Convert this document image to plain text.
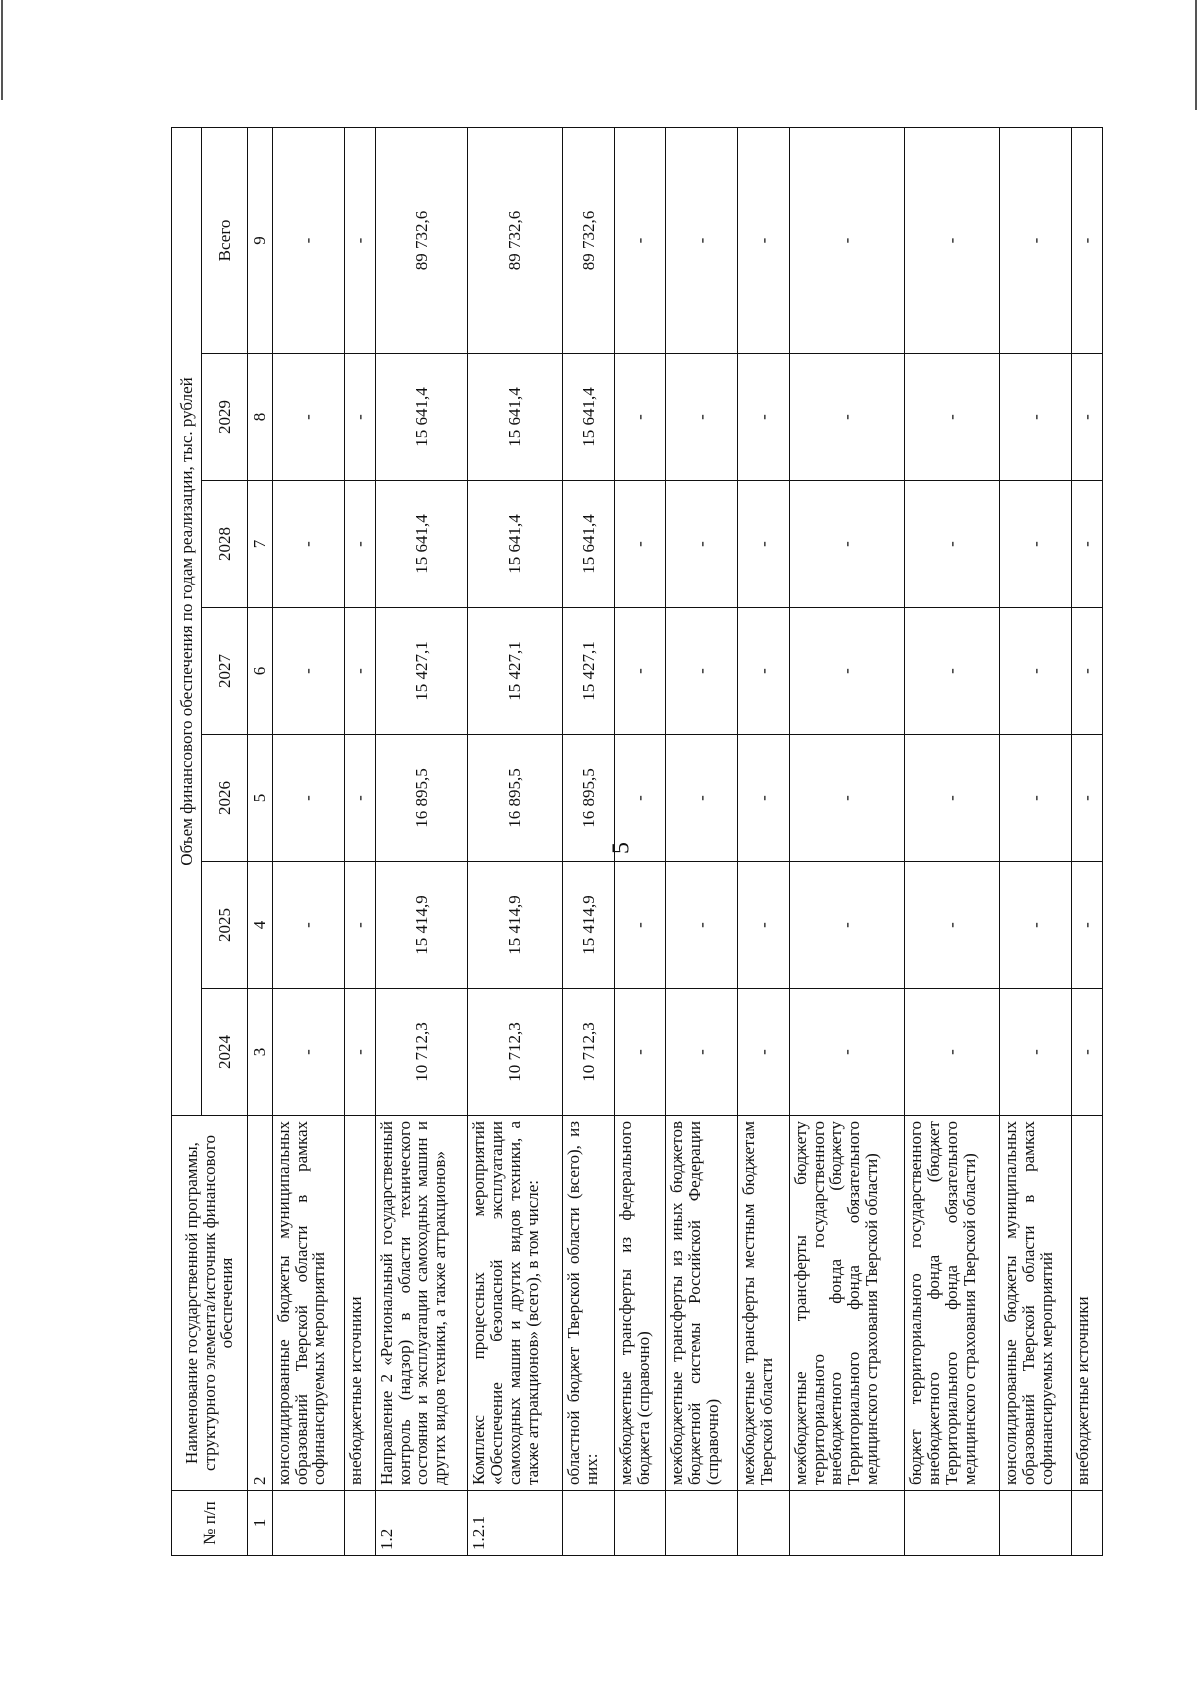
5
№ п/п	Наименование государственной программы, структурного элемента/источник финансового обеспечения	Объем финансового обеспечения по годам реализации, тыс. рублей						
		2024	2025	2026	2027	2028	2029	Всего
1	2	3	4	5	6	7	8	9
	консолидированные бюджеты муниципальных образований Тверской области в рамках софинансируемых мероприятий	-	-	-	-	-	-	-
	внебюджетные источники	-	-	-	-	-	-	-
1.2	Направление 2 «Региональный государственный контроль (надзор) в области технического состояния и эксплуатации самоходных машин и других видов техники, а также аттракционов»	10 712,3	15 414,9	16 895,5	15 427,1	15 641,4	15 641,4	89 732,6
1.2.1	Комплекс процессных мероприятий «Обеспечение безопасной эксплуатации самоходных машин и других видов техники, а также аттракционов» (всего), в том числе:	10 712,3	15 414,9	16 895,5	15 427,1	15 641,4	15 641,4	89 732,6
	областной бюджет Тверской области (всего), из них:	10 712,3	15 414,9	16 895,5	15 427,1	15 641,4	15 641,4	89 732,6
	межбюджетные трансферты из федерального бюджета (справочно)	-	-	-	-	-	-	-
	межбюджетные трансферты из иных бюджетов бюджетной системы Российской Федерации (справочно)	-	-	-	-	-	-	-
	межбюджетные трансферты местным бюджетам Тверской области	-	-	-	-	-	-	-
	межбюджетные трансферты бюджету территориального государственного внебюджетного фонда (бюджету Территориального фонда обязательного медицинского страхования Тверской области)	-	-	-	-	-	-	-
	бюджет территориального государственного внебюджетного фонда (бюджет Территориального фонда обязательного медицинского страхования Тверской области)	-	-	-	-	-	-	-
	консолидированные бюджеты муниципальных образований Тверской области в рамках софинансируемых мероприятий	-	-	-	-	-	-	-
	внебюджетные источники	-	-	-	-	-	-	-
